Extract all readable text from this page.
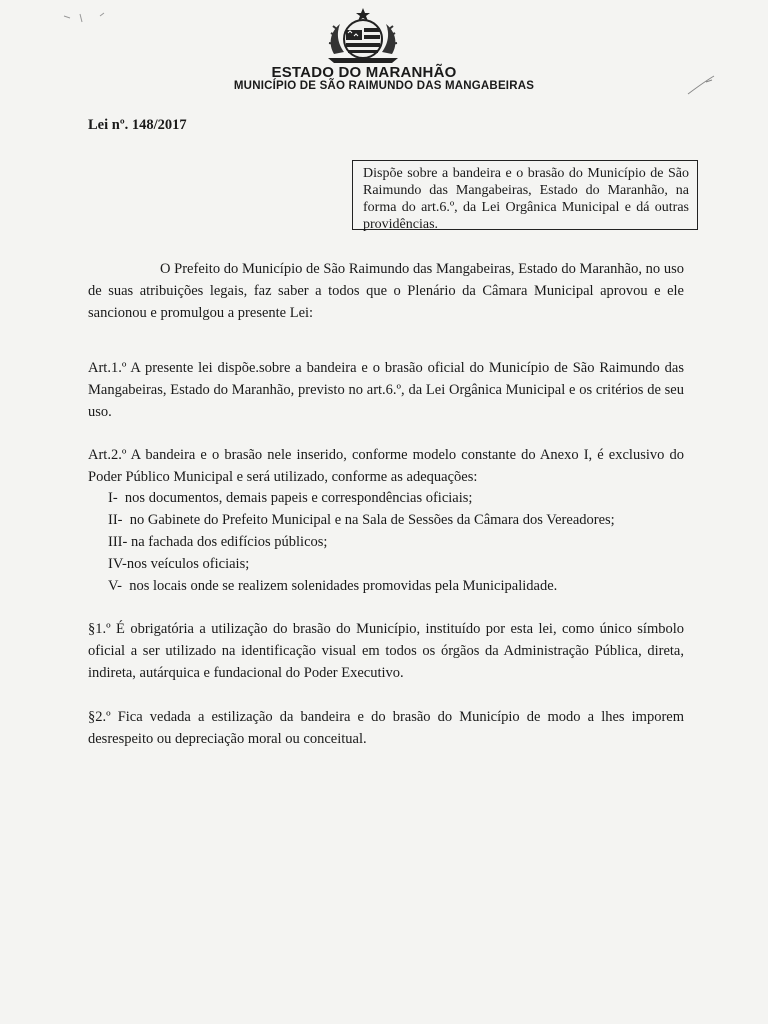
ESTADO DO MARANHÃO
MUNICÍPIO DE SÃO RAIMUNDO DAS MANGABEIRAS
Lei nº. 148/2017
Dispõe sobre a bandeira e o brasão do Município de São Raimundo das Mangabeiras, Estado do Maranhão, na forma do art.6.º, da Lei Orgânica Municipal e dá outras providências.
O Prefeito do Município de São Raimundo das Mangabeiras, Estado do Maranhão, no uso de suas atribuições legais, faz saber a todos que o Plenário da Câmara Municipal aprovou e ele sancionou e promulgou a presente Lei:
Art.1.º A presente lei dispõe.sobre a bandeira e o brasão oficial do Município de São Raimundo das Mangabeiras, Estado do Maranhão, previsto no art.6.º, da Lei Orgânica Municipal e os critérios de seu uso.
Art.2.º A bandeira e o brasão nele inserido, conforme modelo constante do Anexo I, é exclusivo do Poder Público Municipal e será utilizado, conforme as adequações:
I- nos documentos, demais papeis e correspondências oficiais;
II- no Gabinete do Prefeito Municipal e na Sala de Sessões da Câmara dos Vereadores;
III- na fachada dos edifícios públicos;
IV-nos veículos oficiais;
V- nos locais onde se realizem solenidades promovidas pela Municipalidade.
§1.º É obrigatória a utilização do brasão do Município, instituído por esta lei, como único símbolo oficial a ser utilizado na identificação visual em todos os órgãos da Administração Pública, direta, indireta, autárquica e fundacional do Poder Executivo.
§2.º Fica vedada a estilização da bandeira e do brasão do Município de modo a lhes imporem desrespeito ou depreciação moral ou conceitual.
